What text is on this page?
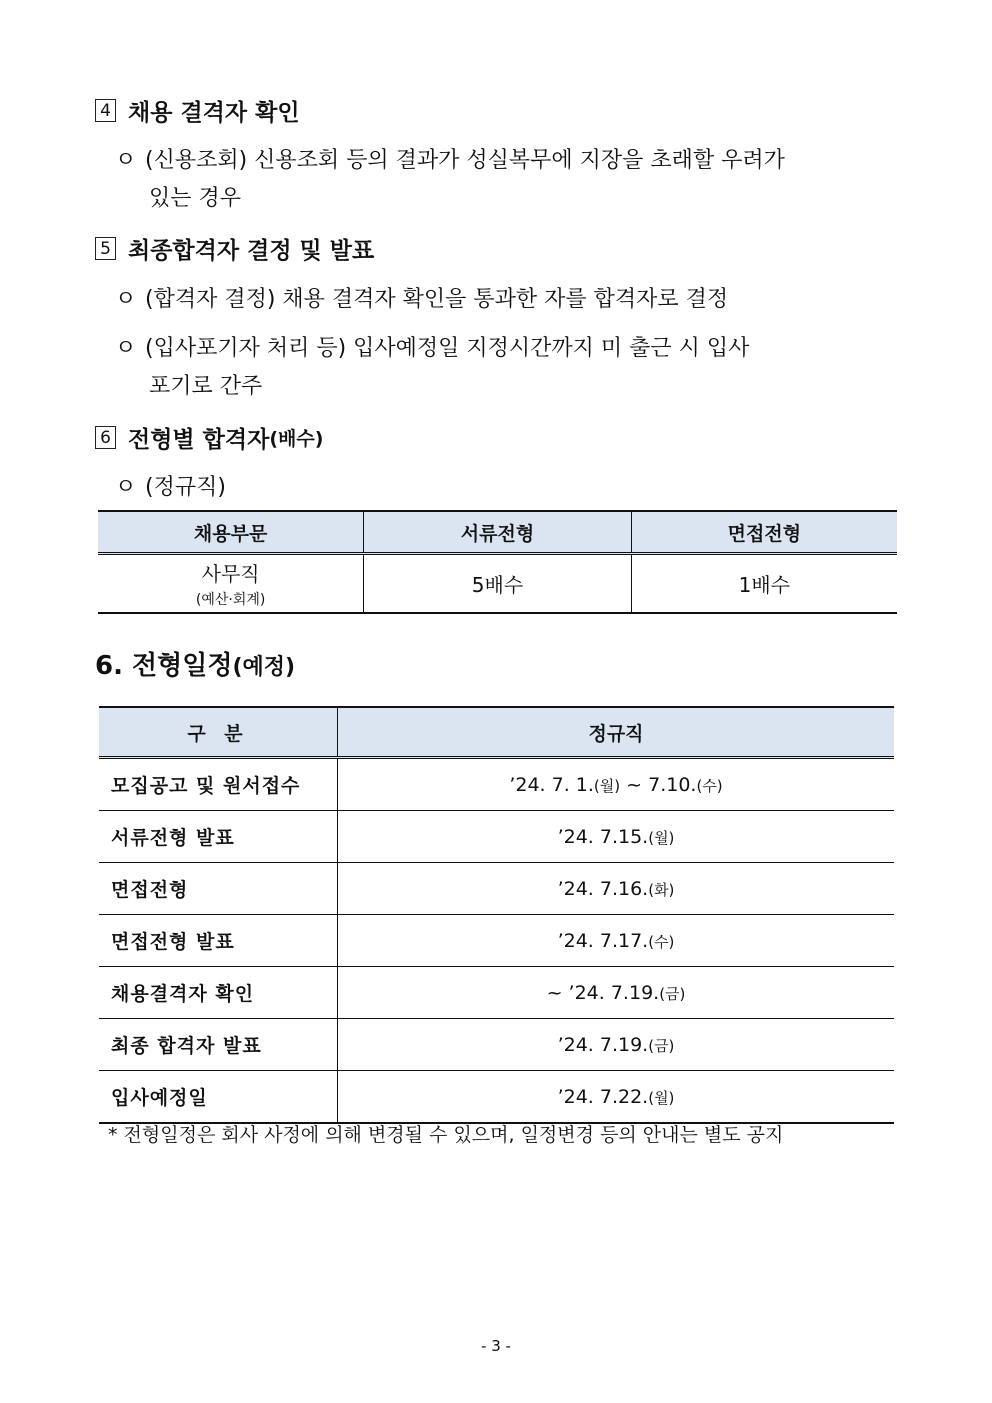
4 채용 결격자 확인
ㅇ (신용조회) 신용조회 등의 결과가 성실복무에 지장을 초래할 우려가
있는 경우
5 최종합격자 결정 및 발표
ㅇ (합격자 결정) 채용 결격자 확인을 통과한 자를 합격자로 결정
ㅇ (입사포기자 처리 등) 입사예정일 지정시간까지 미 출근 시 입사
포기로 간주
6 전형별 합격자 (배수)
ㅇ (정규직)
채용부문	서류전형	면접전형
사무직
(예산·회계)	5배수	1배수
6. 전형일정(예정)
구 분	정규직
모집공고 및 원서접수	’24. 7. 1.(월) ~ 7.10.(수)
서류전형 발표	’24. 7.15.(월)
면접전형	’24. 7.16.(화)
면접전형 발표	’24. 7.17.(수)
채용결격자 확인	~ ’24. 7.19.(금)
최종 합격자 발표	’24. 7.19.(금)
입사예정일	’24. 7.22.(월)
* 전형일정은 회사 사정에 의해 변경될 수 있으며, 일정변경 등의 안내는 별도 공지
- 3 -
